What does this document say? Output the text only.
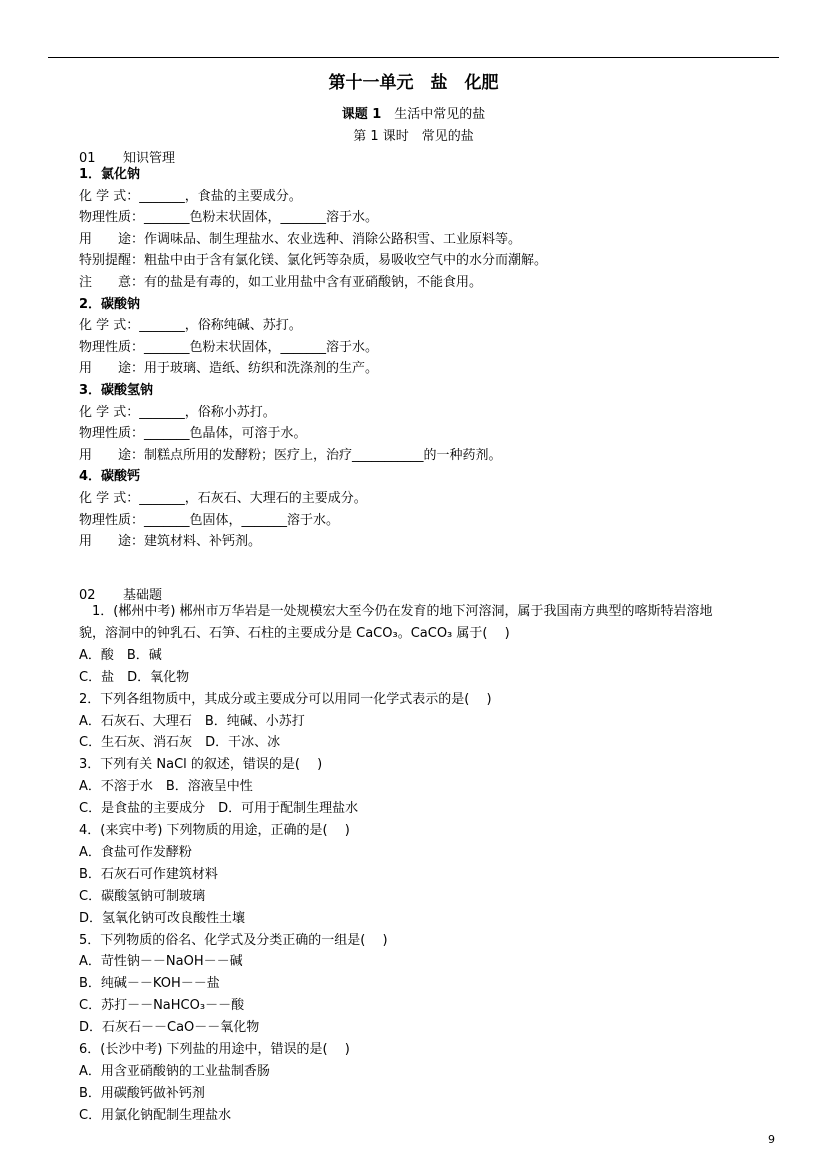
第十一单元　盐　化肥
课题 1　 生活中常见的盐
第 1 课时　常见的盐
01 知识管理
1．氯化钠
化 学 式：_______，食盐的主要成分。
物理性质：_______色粉末状固体，_______溶于水。
用　　途：作调味品、制生理盐水、农业选种、消除公路积雪、工业原料等。
特别提醒：粗盐中由于含有氯化镁、氯化钙等杂质，易吸收空气中的水分而潮解。
注　　意：有的盐是有毒的，如工业用盐中含有亚硝酸钠，不能食用。
2．碳酸钠
化 学 式：_______，俗称纯碱、苏打。
物理性质：_______色粉末状固体，_______溶于水。
用　　途：用于玻璃、造纸、纺织和洗涤剂的生产。
3．碳酸氢钠
化 学 式：_______，俗称小苏打。
物理性质：_______色晶体，可溶于水。
用　　途：制糕点所用的发酵粉；医疗上，治疗___________的一种药剂。
4．碳酸钙
化 学 式：_______，石灰石、大理石的主要成分。
物理性质：_______色固体，_______溶于水。
用　　途：建筑材料、补钙剂。
02 基础题
　1．(郴州中考) 郴州市万华岩是一处规模宏大至今仍在发育的地下河溶洞，属于我国南方典型的喀斯特岩溶地
貌，溶洞中的钟乳石、石笋、石柱的主要成分是 CaCO₃。CaCO₃ 属于(　 )
A．酸　B．碱
C．盐　D．氧化物
2．下列各组物质中，其成分或主要成分可以用同一化学式表示的是(　 )
A．石灰石、大理石　B．纯碱、小苏打
C．生石灰、消石灰　D．干冰、冰
3．下列有关 NaCl 的叙述，错误的是(　 )
A．不溶于水　B．溶液呈中性
C．是食盐的主要成分　D．可用于配制生理盐水
4．(来宾中考) 下列物质的用途，正确的是(　 )
A．食盐可作发酵粉
B．石灰石可作建筑材料
C．碳酸氢钠可制玻璃
D．氢氧化钠可改良酸性土壤
5．下列物质的俗名、化学式及分类正确的一组是(　 )
A．苛性钠－－NaOH－－碱
B．纯碱－－KOH－－盐
C．苏打－－NaHCO₃－－酸
D．石灰石－－CaO－－氧化物
6．(长沙中考) 下列盐的用途中，错误的是(　 )
A．用含亚硝酸钠的工业盐制香肠
B．用碳酸钙做补钙剂
C．用氯化钠配制生理盐水
9
